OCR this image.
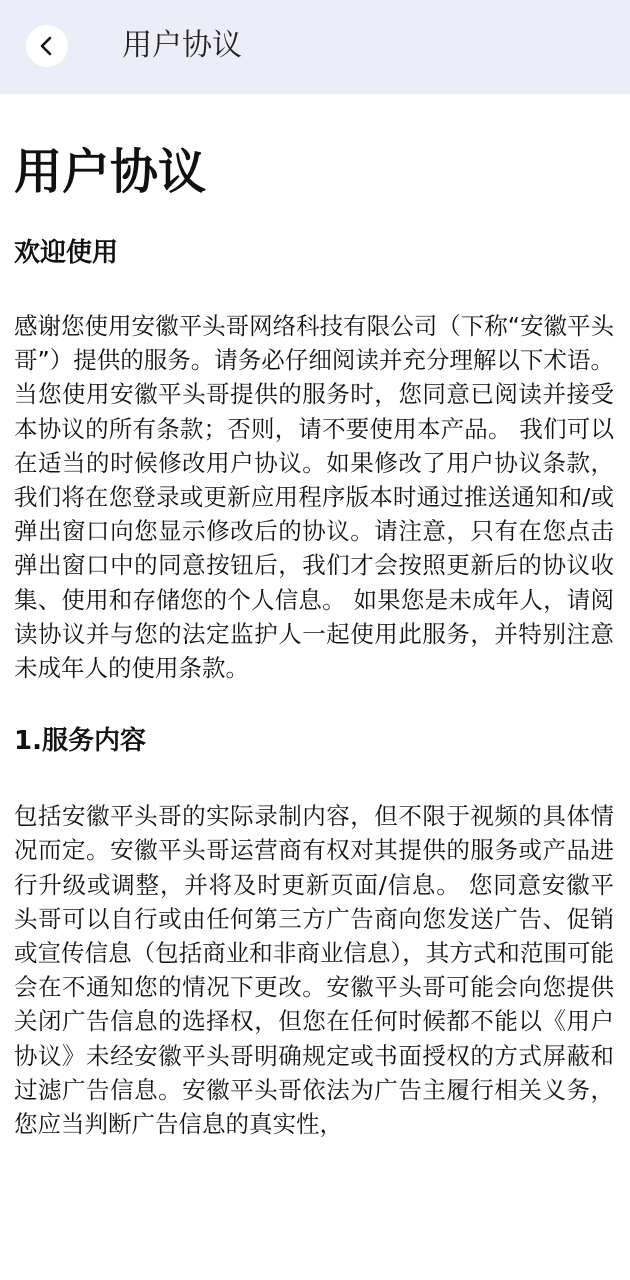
用户协议
用户协议
欢迎使用

感谢您使用安徽平头哥网络科技有限公司（下称“安徽平头哥”）提供的服务。请务必仔细阅读并充分理解以下术语。当您使用安徽平头哥提供的服务时，您同意已阅读并接受本协议的所有条款；否则，请不要使用本产品。 我们可以在适当的时候修改用户协议。如果修改了用户协议条款，我们将在您登录或更新应用程序版本时通过推送通知和/或弹出窗口向您显示修改后的协议。请注意，只有在您点击弹出窗口中的同意按钮后，我们才会按照更新后的协议收集、使用和存储您的个人信息。 如果您是未成年人，请阅读协议并与您的法定监护人一起使用此服务，并特别注意未成年人的使用条款。

1.服务内容

包括安徽平头哥的实际录制内容，但不限于视频的具体情况而定。安徽平头哥运营商有权对其提供的服务或产品进行升级或调整，并将及时更新页面/信息。 您同意安徽平头哥可以自行或由任何第三方广告商向您发送广告、促销或宣传信息（包括商业和非商业信息），其方式和范围可能会在不通知您的情况下更改。安徽平头哥可能会向您提供关闭广告信息的选择权，但您在任何时候都不能以《用户协议》未经安徽平头哥明确规定或书面授权的方式屏蔽和过滤广告信息。安徽平头哥依法为广告主履行相关义务，您应当判断广告信息的真实性，
